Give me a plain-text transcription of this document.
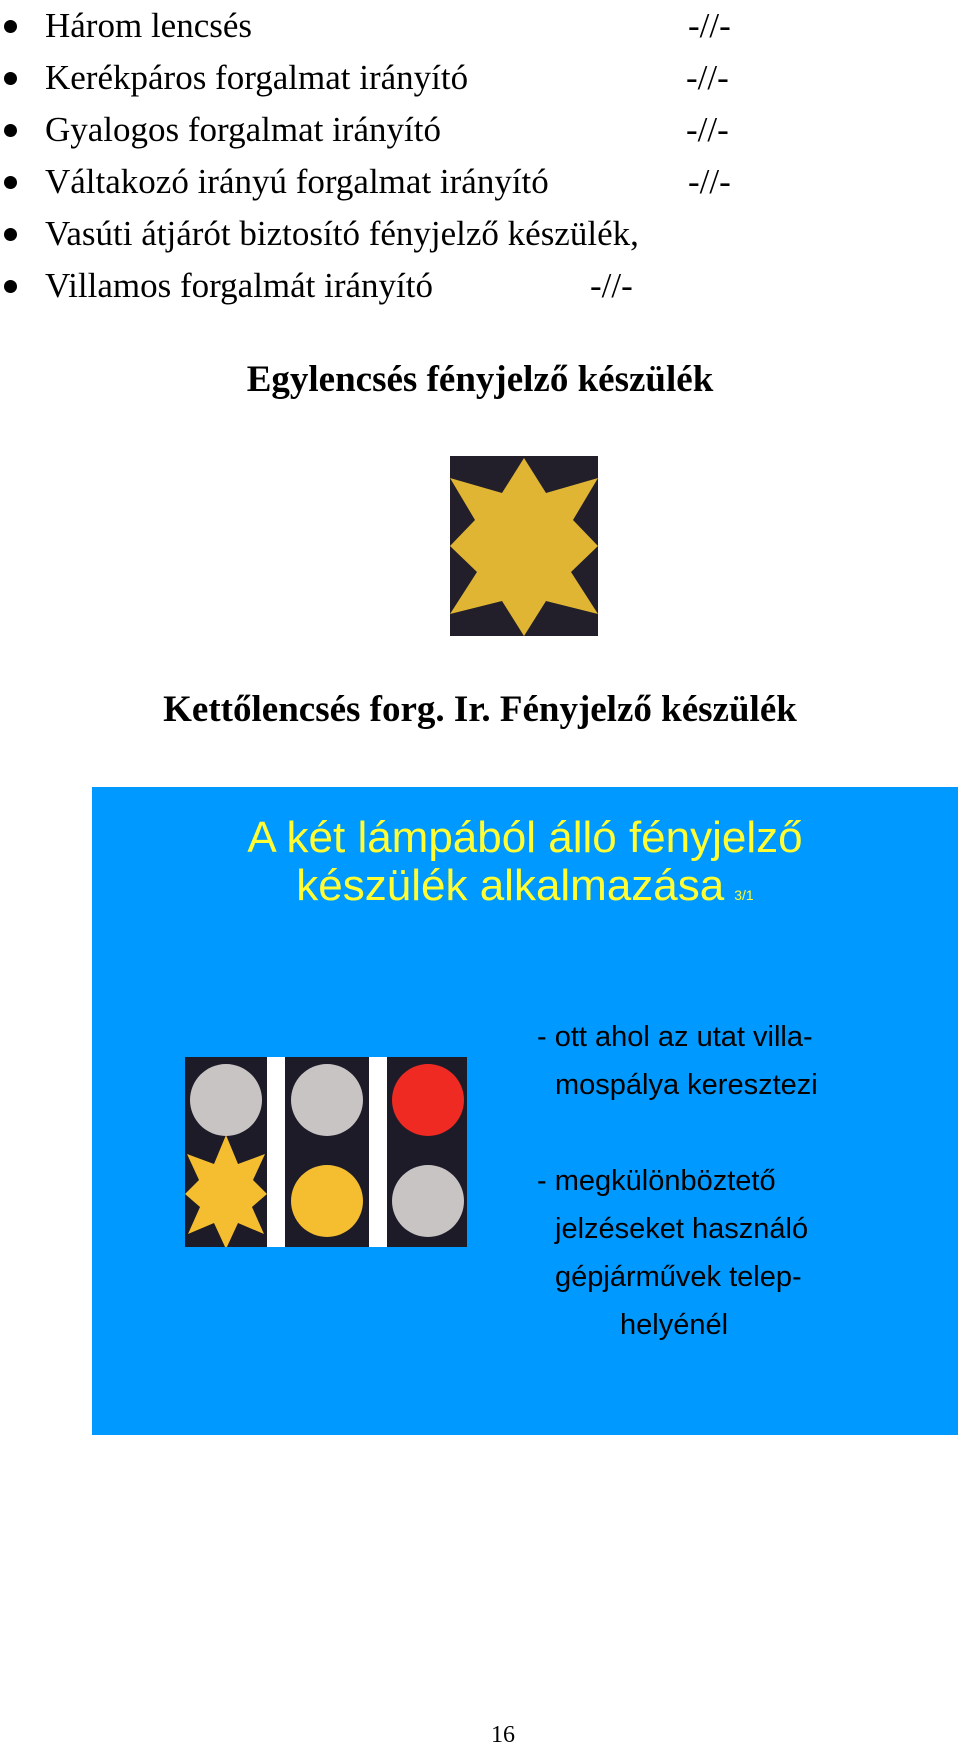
Három lencsés	-//-
Kerékpáros forgalmat irányító	-//-
Gyalogos forgalmat irányító	-//-
Váltakozó irányú forgalmat irányító	-//-
Vasúti átjárót biztosító fényjelző készülék,
Villamos forgalmát irányító	-//-
Egylencsés fényjelző készülék
Kettőlencsés forg. Ir. Fényjelző készülék
A két lámpából álló fényjelző
készülék alkalmazása 3/1
- ott ahol az utat villa-
mospálya keresztezi
- megkülönböztető
jelzéseket használó
gépjárművek telep-
helyénél
16
